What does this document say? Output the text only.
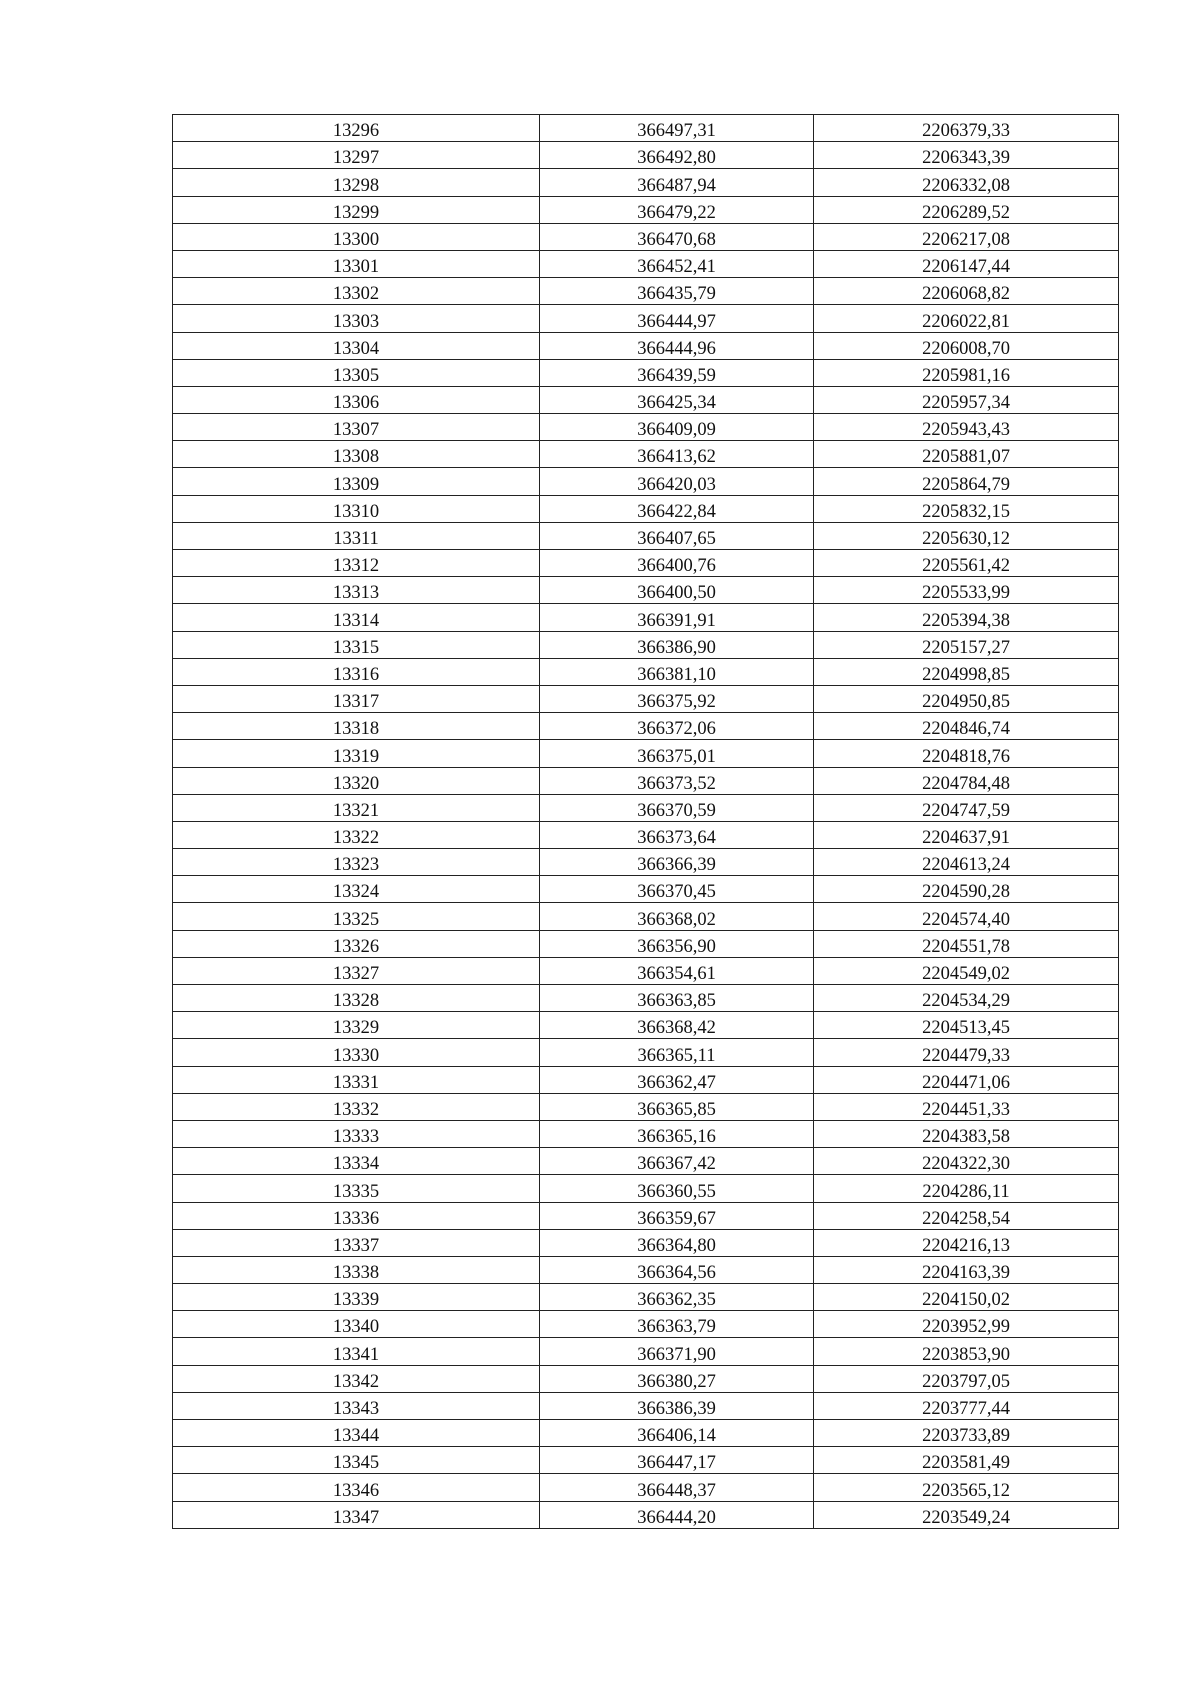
13296	366497,31	2206379,33
13297	366492,80	2206343,39
13298	366487,94	2206332,08
13299	366479,22	2206289,52
13300	366470,68	2206217,08
13301	366452,41	2206147,44
13302	366435,79	2206068,82
13303	366444,97	2206022,81
13304	366444,96	2206008,70
13305	366439,59	2205981,16
13306	366425,34	2205957,34
13307	366409,09	2205943,43
13308	366413,62	2205881,07
13309	366420,03	2205864,79
13310	366422,84	2205832,15
13311	366407,65	2205630,12
13312	366400,76	2205561,42
13313	366400,50	2205533,99
13314	366391,91	2205394,38
13315	366386,90	2205157,27
13316	366381,10	2204998,85
13317	366375,92	2204950,85
13318	366372,06	2204846,74
13319	366375,01	2204818,76
13320	366373,52	2204784,48
13321	366370,59	2204747,59
13322	366373,64	2204637,91
13323	366366,39	2204613,24
13324	366370,45	2204590,28
13325	366368,02	2204574,40
13326	366356,90	2204551,78
13327	366354,61	2204549,02
13328	366363,85	2204534,29
13329	366368,42	2204513,45
13330	366365,11	2204479,33
13331	366362,47	2204471,06
13332	366365,85	2204451,33
13333	366365,16	2204383,58
13334	366367,42	2204322,30
13335	366360,55	2204286,11
13336	366359,67	2204258,54
13337	366364,80	2204216,13
13338	366364,56	2204163,39
13339	366362,35	2204150,02
13340	366363,79	2203952,99
13341	366371,90	2203853,90
13342	366380,27	2203797,05
13343	366386,39	2203777,44
13344	366406,14	2203733,89
13345	366447,17	2203581,49
13346	366448,37	2203565,12
13347	366444,20	2203549,24
